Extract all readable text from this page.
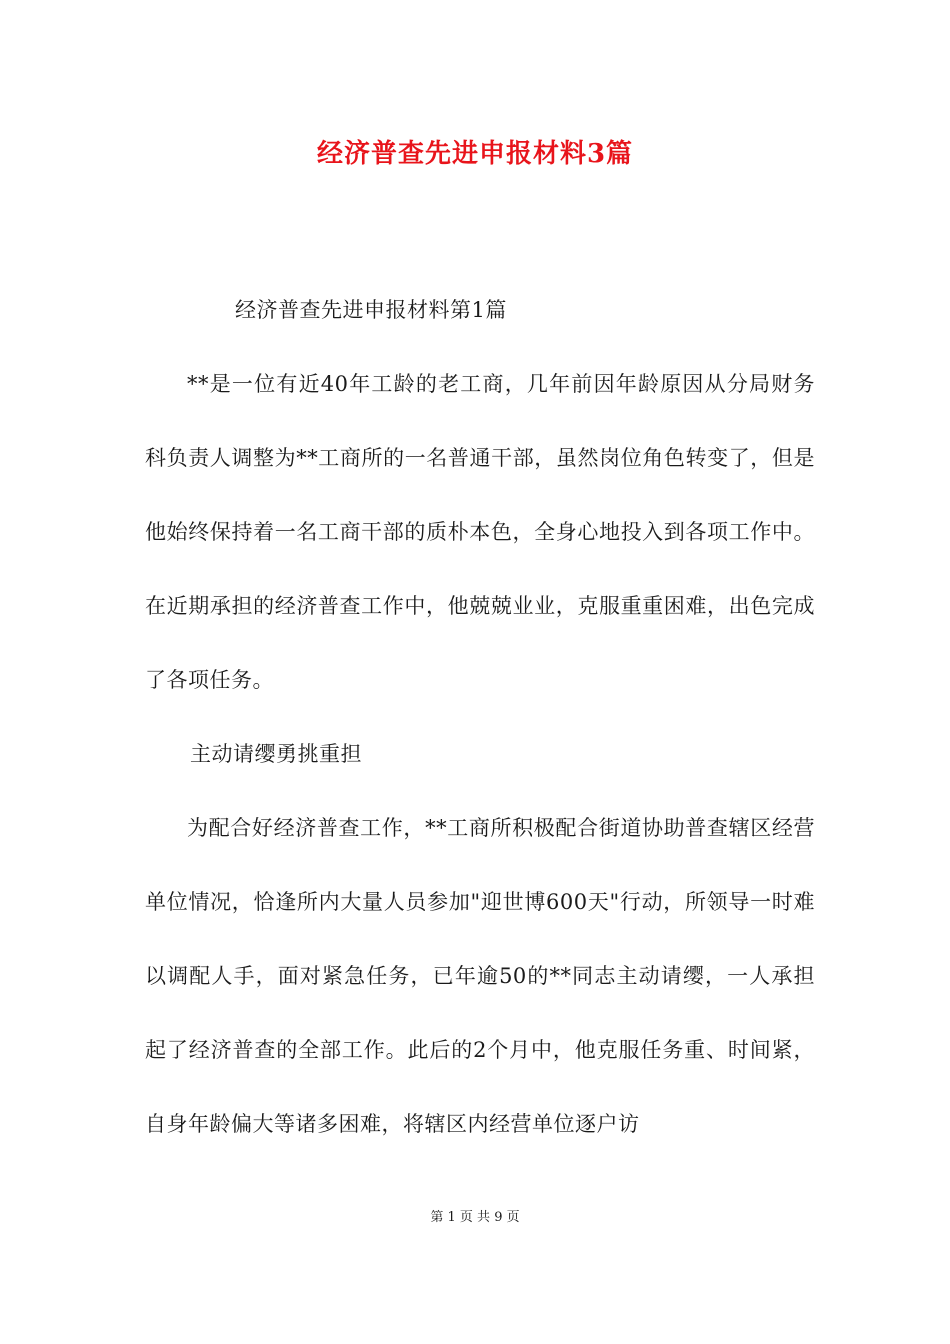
经济普查先进申报材料3篇

经济普查先进申报材料第1篇

**是一位有近40年工龄的老工商，几年前因年龄原因从分局财务科负责人调整为**工商所的一名普通干部，虽然岗位角色转变了，但是他始终保持着一名工商干部的质朴本色，全身心地投入到各项工作中。在近期承担的经济普查工作中，他兢兢业业，克服重重困难，出色完成了各项任务。

主动请缨勇挑重担

为配合好经济普查工作，**工商所积极配合街道协助普查辖区经营单位情况，恰逢所内大量人员参加"迎世博600天"行动，所领导一时难以调配人手，面对紧急任务，已年逾50的**同志主动请缨，一人承担起了经济普查的全部工作。此后的2个月中，他克服任务重、时间紧，自身年龄偏大等诸多困难，将辖区内经营单位逐户访

第 1 页 共 9 页
